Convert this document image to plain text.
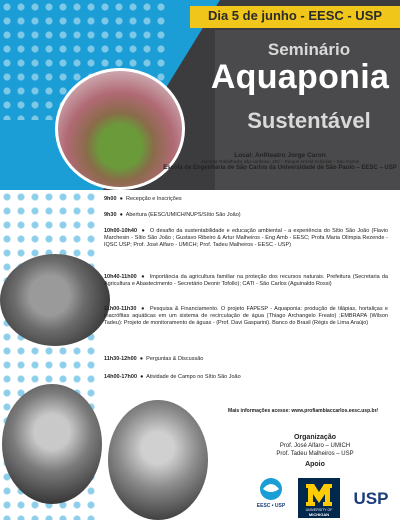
Dia 5 de junho - EESC - USP
Seminário
Aquaponia
Sustentável
Local: Anfiteatro Jorge Caron
Avenida Trabalhador são-carlense, 400 – Parque Arnold Schimidt – São Carlos
Escola de Engenharia de São Carlos da Universidade de São Paulo – EESC – USP
9h00  ●  Recepção e Inscrições
9h30  ●  Abertura (EESC/UMICH/NUPS/Sítio São João)
10h00-10h40  ●  O desafio da sustentabilidade e educação ambiental - a experiência do Sítio São João (Flavio Marchesin - Sítio São João ; Gustavo Ribeiro & Artur Malheiros - Eng Amb - EESC; Profa Maria Olímpia Rezende - IQSC USP; Prof. José Alfaro - UMICH; Prof. Tadeu Malheiros - EESC - USP)
10h40-11h00  ●  Importância da agricultura familiar na proteção dos recursos naturais. Prefeitura (Secretaria da Agricultura e Abastecimento - Secretário Deonir Tofollo); CATI - São Carlos (Aguinaldo Rossi)
11h00-11h30  ●  Pesquisa & Financiamento. O projeto FAPESP - Aquaponia: produção de tilápias, hortaliças e macrófitas aquáticas em um sistema de recirculação de água (Thiago Archangelo Freato) ;EMBRAPA (Wilson Tadeu): Projeto de monitoramento de águas - (Prof. Davi Gasparini). Banco do Brasil (Régis de Lima Araújo)
11h30-12h00  ●  Perguntas & Discussão
14h00-17h00  ●  Atividade de Campo no Sítio São João
Mais informações acesse: www.profiambiaccarlos.eesc.usp.br/
Organização
Prof. José Alfaro – UMICH
Prof. Tadeu Malheiros – USP
Apoio
EESC • USP
UNIVERSITY OF
MICHIGAN
USP
